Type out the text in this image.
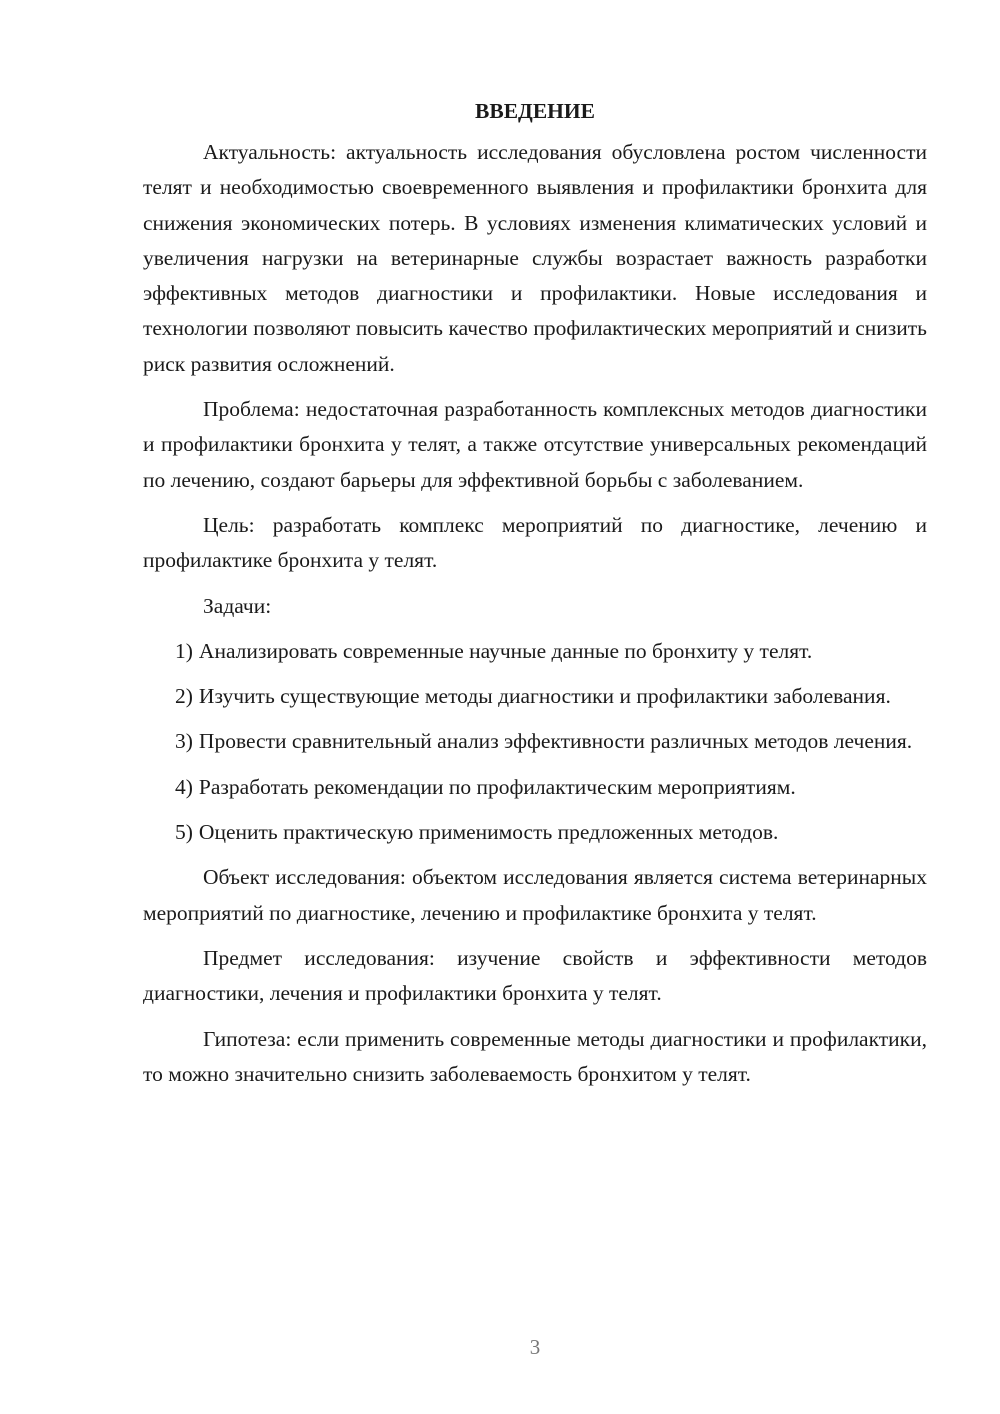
ВВЕДЕНИЕ

Актуальность: актуальность исследования обусловлена ростом численности телят и необходимостью своевременного выявления и профилактики бронхита для снижения экономических потерь. В условиях изменения климатических условий и увеличения нагрузки на ветеринарные службы возрастает важность разработки эффективных методов диагностики и профилактики. Новые исследования и технологии позволяют повысить качество профилактических мероприятий и снизить риск развития осложнений.

Проблема: недостаточная разработанность комплексных методов диагностики и профилактики бронхита у телят, а также отсутствие универсальных рекомендаций по лечению, создают барьеры для эффективной борьбы с заболеванием.

Цель: разработать комплекс мероприятий по диагностике, лечению и профилактике бронхита у телят.

Задачи:

1) Анализировать современные научные данные по бронхиту у телят.

2) Изучить существующие методы диагностики и профилактики заболевания.

3) Провести сравнительный анализ эффективности различных методов лечения.

4) Разработать рекомендации по профилактическим мероприятиям.

5) Оценить практическую применимость предложенных методов.

Объект исследования: объектом исследования является система ветеринарных мероприятий по диагностике, лечению и профилактике бронхита у телят.

Предмет исследования: изучение свойств и эффективности методов диагностики, лечения и профилактики бронхита у телят.

Гипотеза: если применить современные методы диагностики и профилактики, то можно значительно снизить заболеваемость бронхитом у телят.

3
